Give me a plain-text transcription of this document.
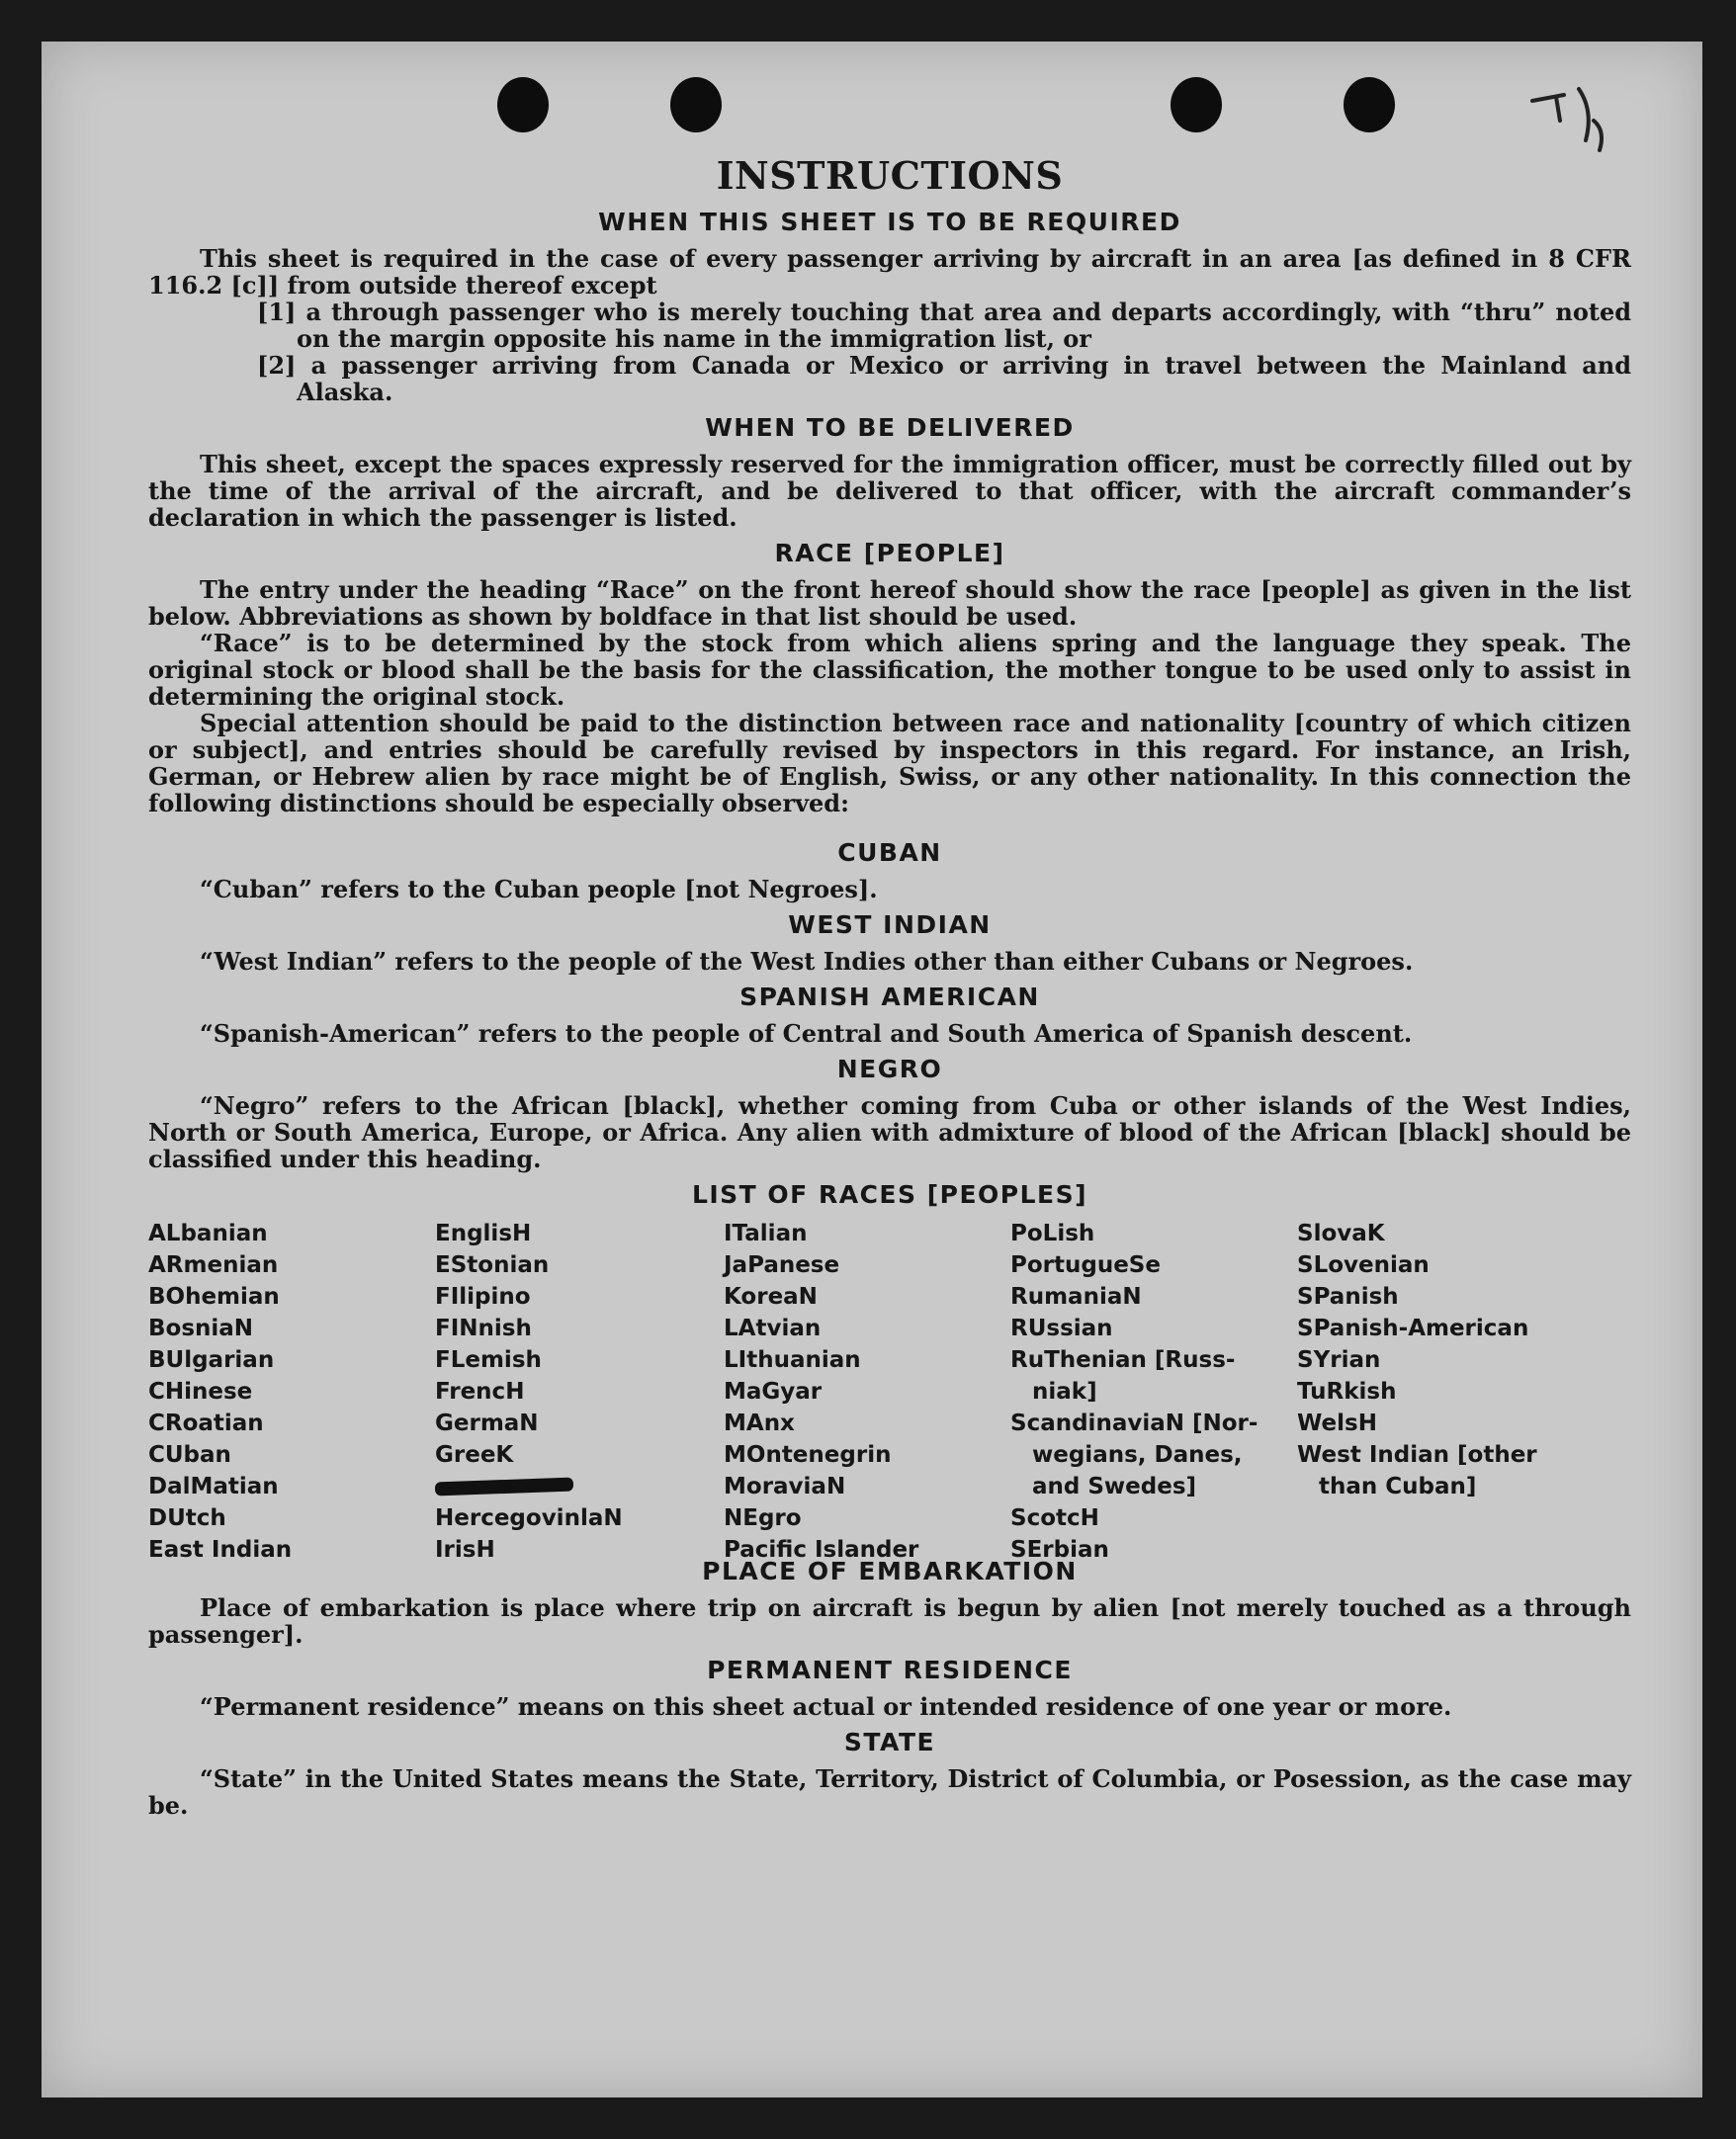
INSTRUCTIONS
WHEN THIS SHEET IS TO BE REQUIRED

This sheet is required in the case of every passenger arriving by aircraft in an area [as defined in 8 CFR 116.2 [c]] from outside thereof except

[1] a through passenger who is merely touching that area and departs accordingly, with “thru” noted on the margin opposite his name in the immigration list, or

[2] a passenger arriving from Canada or Mexico or arriving in travel between the Mainland and Alaska.

WHEN TO BE DELIVERED

This sheet, except the spaces expressly reserved for the immigration officer, must be correctly filled out by the time of the arrival of the aircraft, and be delivered to that officer, with the aircraft commander’s declaration in which the passenger is listed.

RACE [PEOPLE]

The entry under the heading “Race” on the front hereof should show the race [people] as given in the list below. Abbreviations as shown by boldface in that list should be used.

“Race” is to be determined by the stock from which aliens spring and the language they speak. The original stock or blood shall be the basis for the classification, the mother tongue to be used only to assist in determining the original stock.

Special attention should be paid to the distinction between race and nationality [country of which citizen or subject], and entries should be carefully revised by inspectors in this regard. For instance, an Irish, German, or Hebrew alien by race might be of English, Swiss, or any other nationality. In this connection the following distinctions should be especially observed:

CUBAN

“Cuban” refers to the Cuban people [not Negroes].

WEST INDIAN

“West Indian” refers to the people of the West Indies other than either Cubans or Negroes.

SPANISH AMERICAN

“Spanish-American” refers to the people of Central and South America of Spanish descent.

NEGRO

“Negro” refers to the African [black], whether coming from Cuba or other islands of the West Indies, North or South America, Europe, or Africa. Any alien with admixture of blood of the African [black] should be classified under this heading.

LIST OF RACES [PEOPLES]
ALbanian
ARmenian
BOhemian
BosniaN
BUlgarian
CHinese
CRoatian
CUban
DalMatian
DUtch
East Indian
EnglisH
EStonian
FIlipino
FINnish
FLemish
FrencH
GermaN
GreeK
HercegovinlaN
IrisH
ITalian
JaPanese
KoreaN
LAtvian
LIthuanian
MaGyar
MAnx
MOntenegrin
MoraviaN
NEgro
Pacific Islander
PoLish
PortugueSe
RumaniaN
RUssian
RuThenian [Russ-
niak]
ScandinaviaN [Nor-
wegians, Danes,
and Swedes]
ScotcH
SErbian
SlovaK
SLovenian
SPanish
SPanish-American
SYrian
TuRkish
WelsH
West Indian [other
than Cuban]
PLACE OF EMBARKATION

Place of embarkation is place where trip on aircraft is begun by alien [not merely touched as a through passenger].

PERMANENT RESIDENCE

“Permanent residence” means on this sheet actual or intended residence of one year or more.

STATE

“State” in the United States means the State, Territory, District of Columbia, or Posession, as the case may be.
